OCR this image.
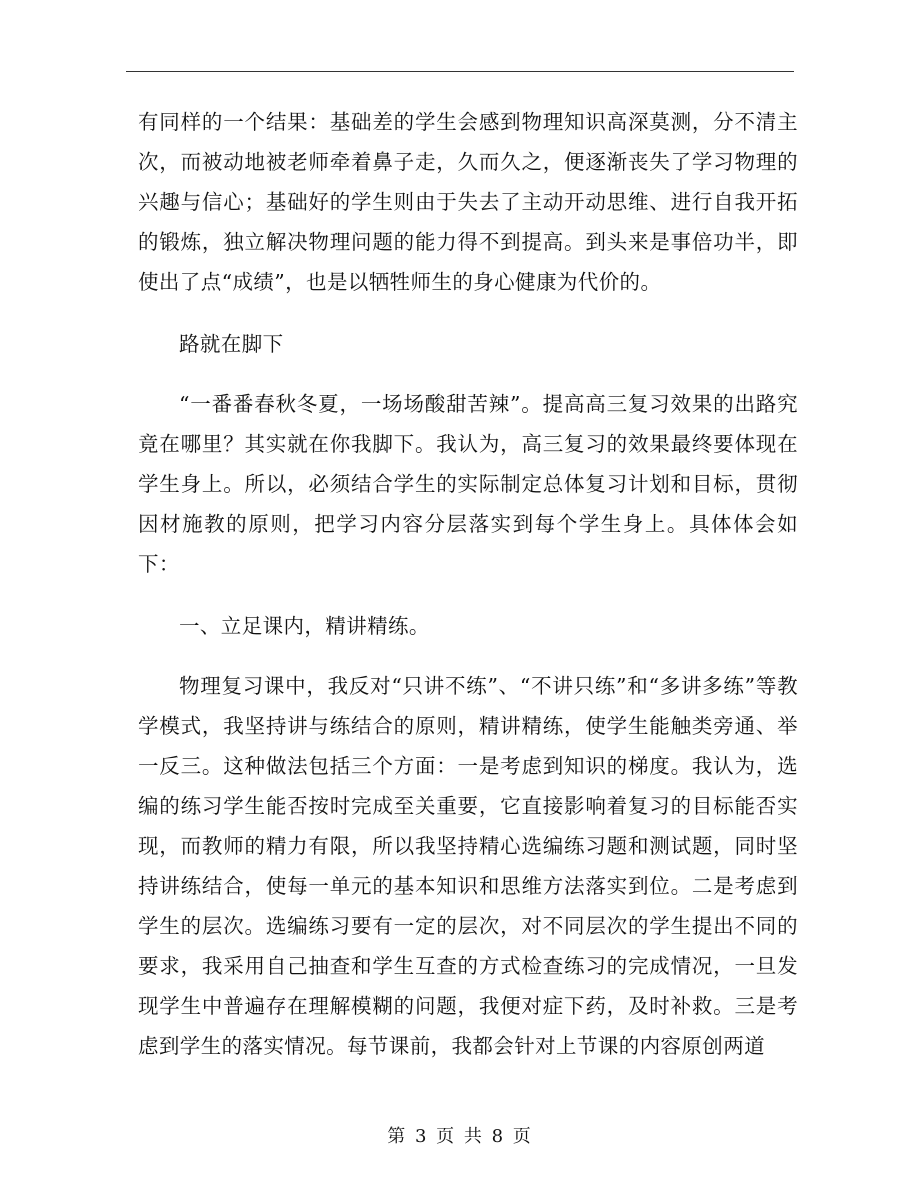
有同样的一个结果：基础差的学生会感到物理知识高深莫测，分不清主次，而被动地被老师牵着鼻子走，久而久之，便逐渐丧失了学习物理的兴趣与信心；基础好的学生则由于失去了主动开动思维、进行自我开拓的锻炼，独立解决物理问题的能力得不到提高。到头来是事倍功半，即使出了点“成绩”，也是以牺牲师生的身心健康为代价的。

路就在脚下

“一番番春秋冬夏，一场场酸甜苦辣”。提高高三复习效果的出路究竟在哪里？其实就在你我脚下。我认为，高三复习的效果最终要体现在学生身上。所以，必须结合学生的实际制定总体复习计划和目标，贯彻因材施教的原则，把学习内容分层落实到每个学生身上。具体体会如下：

一、立足课内，精讲精练。

物理复习课中，我反对“只讲不练”、“不讲只练”和“多讲多练”等教学模式，我坚持讲与练结合的原则，精讲精练，使学生能触类旁通、举一反三。这种做法包括三个方面：一是考虑到知识的梯度。我认为，选编的练习学生能否按时完成至关重要，它直接影响着复习的目标能否实现，而教师的精力有限，所以我坚持精心选编练习题和测试题，同时坚持讲练结合，使每一单元的基本知识和思维方法落实到位。二是考虑到学生的层次。选编练习要有一定的层次，对不同层次的学生提出不同的要求，我采用自己抽查和学生互查的方式检查练习的完成情况，一旦发现学生中普遍存在理解模糊的问题，我便对症下药，及时补救。三是考虑到学生的落实情况。每节课前，我都会针对上节课的内容原创两道

第 3 页 共 8 页
